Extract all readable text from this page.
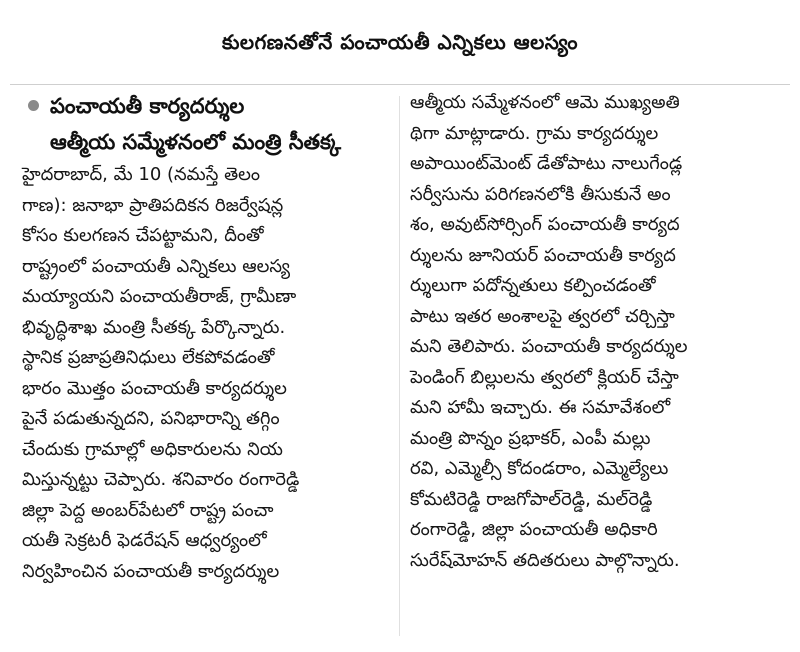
కులగణనతోనే పంచాయతీ ఎన్నికలు ఆలస్యం
పంచాయతీ కార్యదర్శుల
ఆత్మీయ సమ్మేళనంలో మంత్రి సీతక్క
హైదరాబాద్, మే 10 (నమస్తే తెలం
గాణ): జనాభా ప్రాతిపదికన రిజర్వేషన్ల
కోసం కులగణన చేపట్టామని, దీంతో
రాష్ట్రంలో పంచాయతీ ఎన్నికలు ఆలస్య
మయ్యాయని పంచాయతీరాజ్, గ్రామీణా
భివృద్ధిశాఖ మంత్రి సీతక్క పేర్కొన్నారు.
స్థానిక ప్రజాప్రతినిధులు లేకపోవడంతో
భారం మొత్తం పంచాయతీ కార్యదర్శుల
పైనే పడుతున్నదని, పనిభారాన్ని తగ్గిం
చేందుకు గ్రామాల్లో అధికారులను నియ
మిస్తున్నట్టు చెప్పారు. శనివారం రంగారెడ్డి
జిల్లా పెద్ద అంబర్‌పేటలో రాష్ట్ర పంచా
యతీ సెక్రటరీ ఫెడరేషన్ ఆధ్వర్యంలో
నిర్వహించిన పంచాయతీ కార్యదర్శుల
ఆత్మీయ సమ్మేళనంలో ఆమె ముఖ్యఅతి
థిగా మాట్లాడారు. గ్రామ కార్యదర్శుల
అపాయింట్‌మెంట్ డేతోపాటు నాలుగేండ్ల
సర్వీసును పరిగణనలోకి తీసుకునే అం
శం, అవుట్‌సోర్సింగ్ పంచాయతీ కార్యద
ర్శులను జూనియర్ పంచాయతీ కార్యద
ర్శులుగా పదోన్నతులు కల్పించడంతో
పాటు ఇతర అంశాలపై త్వరలో చర్చిస్తా
మని తెలిపారు. పంచాయతీ కార్యదర్శుల
పెండింగ్ బిల్లులను త్వరలో క్లియర్ చేస్తా
మని హామీ ఇచ్చారు. ఈ సమావేశంలో
మంత్రి పొన్నం ప్రభాకర్, ఎంపీ మల్లు
రవి, ఎమ్మెల్సీ కోదండరాం, ఎమ్మెల్యేలు
కోమటిరెడ్డి రాజగోపాల్‌రెడ్డి, మల్‌రెడ్డి
రంగారెడ్డి, జిల్లా పంచాయతీ అధికారి
సురేష్‌మోహన్ తదితరులు పాల్గొన్నారు.
